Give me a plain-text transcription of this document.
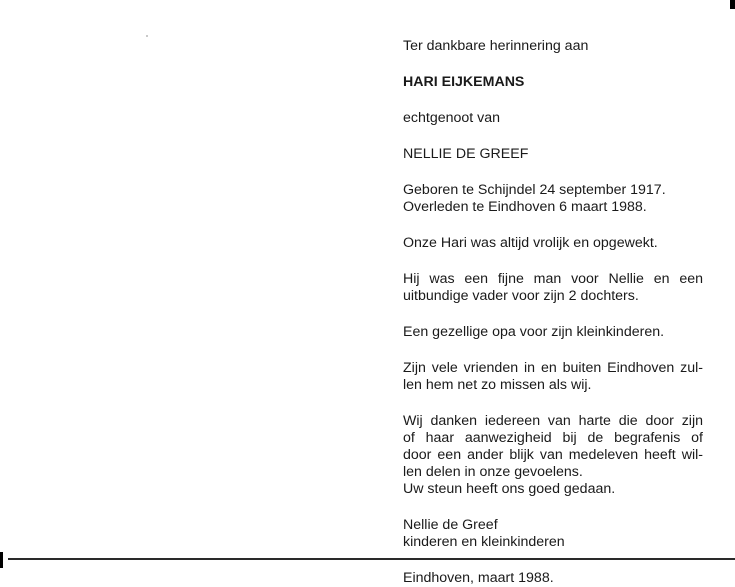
Ter dankbare herinnering aan
HARI EIJKEMANS
echtgenoot van
NELLIE DE GREEF
Geboren te Schijndel 24 september 1917.
Overleden te Eindhoven 6 maart 1988.
Onze Hari was altijd vrolijk en opgewekt.
Hij was een fijne man voor Nellie en een
uitbundige vader voor zijn 2 dochters.
Een gezellige opa voor zijn kleinkinderen.
Zijn vele vrienden in en buiten Eindhoven zul-
len hem net zo missen als wij.
Wij danken iedereen van harte die door zijn
of haar aanwezigheid bij de begrafenis of
door een ander blijk van medeleven heeft wil-
len delen in onze gevoelens.
Uw steun heeft ons goed gedaan.
Nellie de Greef
kinderen en kleinkinderen
Eindhoven, maart 1988.
